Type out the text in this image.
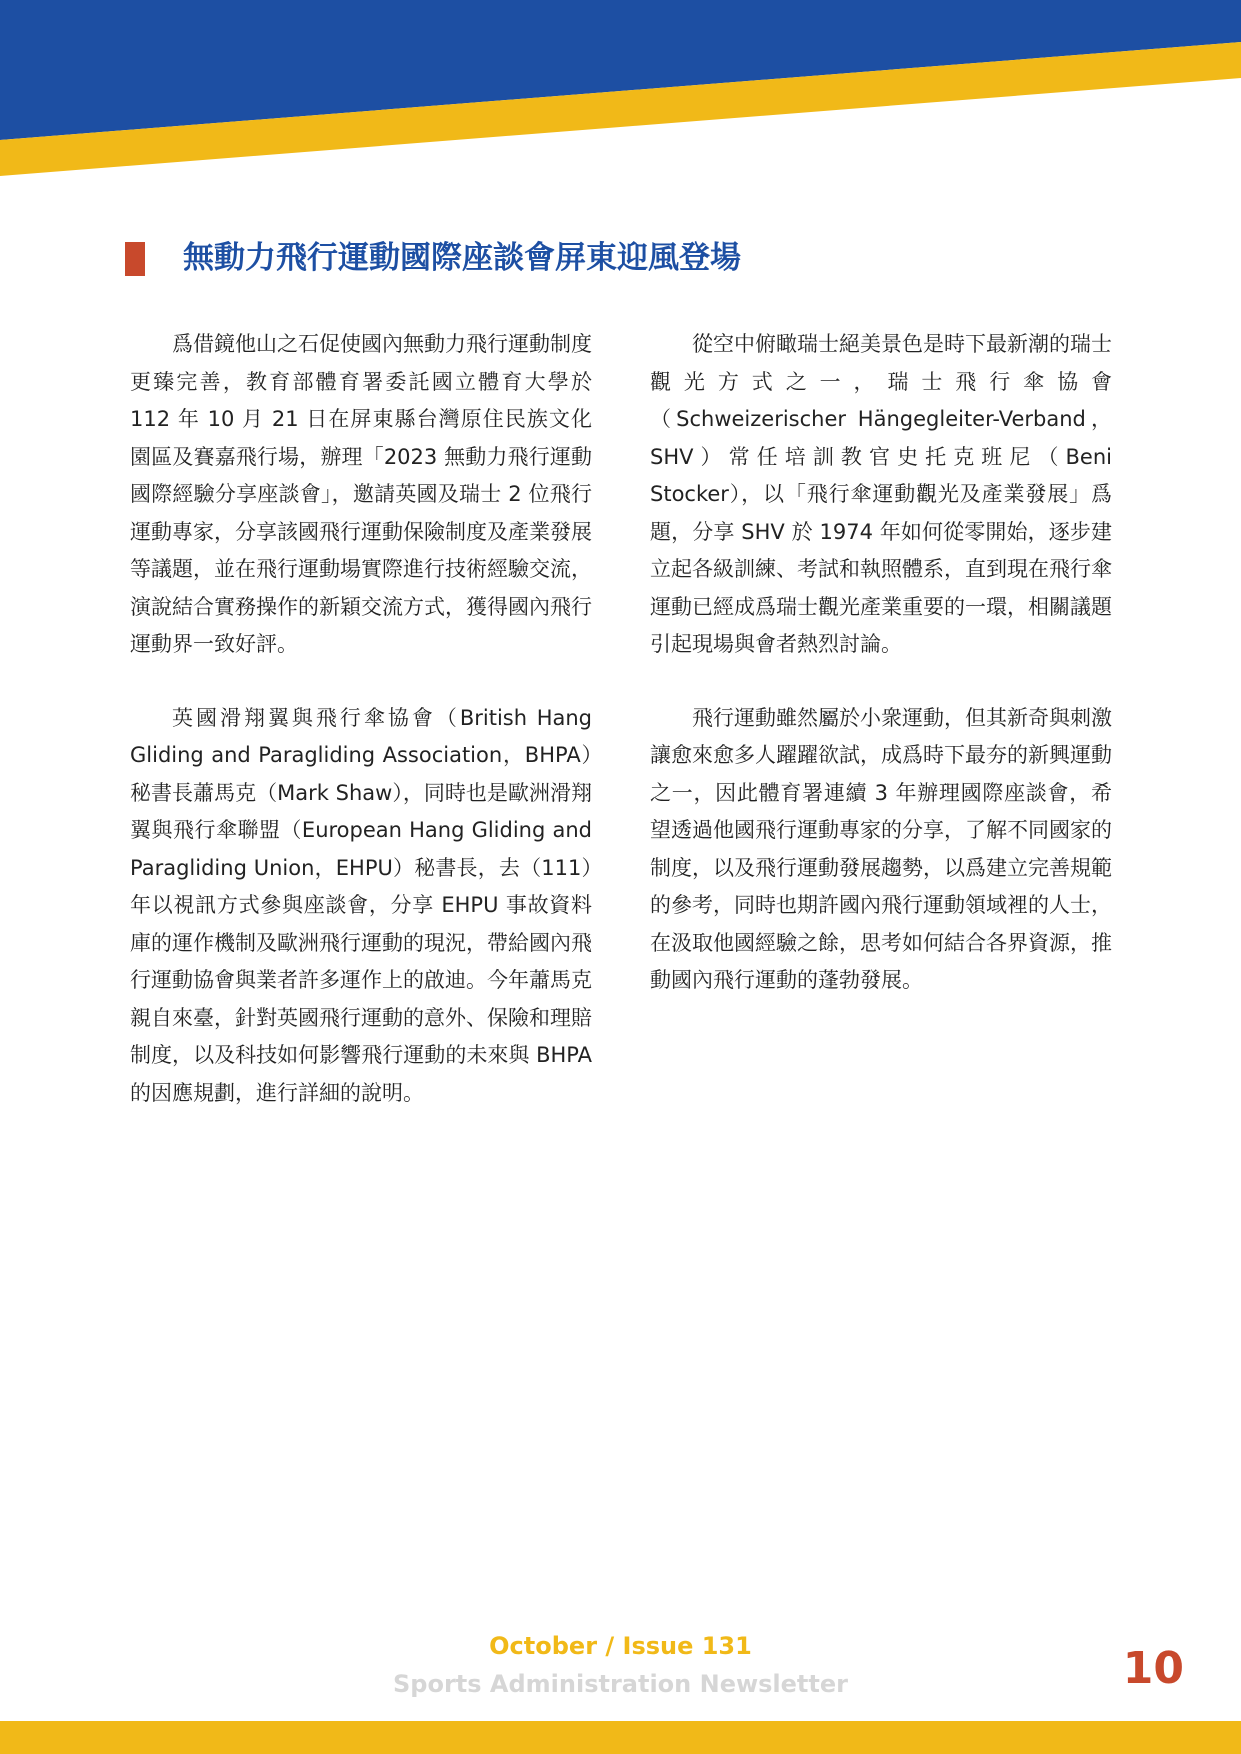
無動力飛行運動國際座談會屏東迎風登場

爲借鏡他山之石促使國內無動力飛行運動制度更臻完善，教育部體育署委託國立體育大學於 112 年 10 月 21 日在屏東縣台灣原住民族文化園區及賽嘉飛行場，辦理「2023 無動力飛行運動國際經驗分享座談會」，邀請英國及瑞士 2 位飛行運動專家，分享該國飛行運動保險制度及產業發展等議題，並在飛行運動場實際進行技術經驗交流，演說結合實務操作的新穎交流方式，獲得國內飛行運動界一致好評。

英國滑翔翼與飛行傘協會（British Hang Gliding and Paragliding Association，BHPA）秘書長蕭馬克（Mark Shaw），同時也是歐洲滑翔翼與飛行傘聯盟（European Hang Gliding and Paragliding Union，EHPU）秘書長，去（111）年以視訊方式參與座談會，分享 EHPU 事故資料庫的運作機制及歐洲飛行運動的現況，帶給國內飛行運動協會與業者許多運作上的啟迪。今年蕭馬克親自來臺，針對英國飛行運動的意外、保險和理賠制度，以及科技如何影響飛行運動的未來與 BHPA 的因應規劃，進行詳細的說明。

從空中俯瞰瑞士絕美景色是時下最新潮的瑞士觀光方式之一，瑞士飛行傘協會（Schweizerischer Hängegleiter-Verband，SHV）常任培訓教官史托克班尼（Beni Stocker），以「飛行傘運動觀光及產業發展」爲題，分享 SHV 於 1974 年如何從零開始，逐步建立起各級訓練、考試和執照體系，直到現在飛行傘運動已經成爲瑞士觀光產業重要的一環，相關議題引起現場與會者熱烈討論。

飛行運動雖然屬於小衆運動，但其新奇與刺激讓愈來愈多人躍躍欲試，成爲時下最夯的新興運動之一，因此體育署連續 3 年辦理國際座談會，希望透過他國飛行運動專家的分享，了解不同國家的制度，以及飛行運動發展趨勢，以爲建立完善規範的參考，同時也期許國內飛行運動領域裡的人士，在汲取他國經驗之餘，思考如何結合各界資源，推動國內飛行運動的蓬勃發展。

October / Issue 131
Sports Administration Newsletter	10
